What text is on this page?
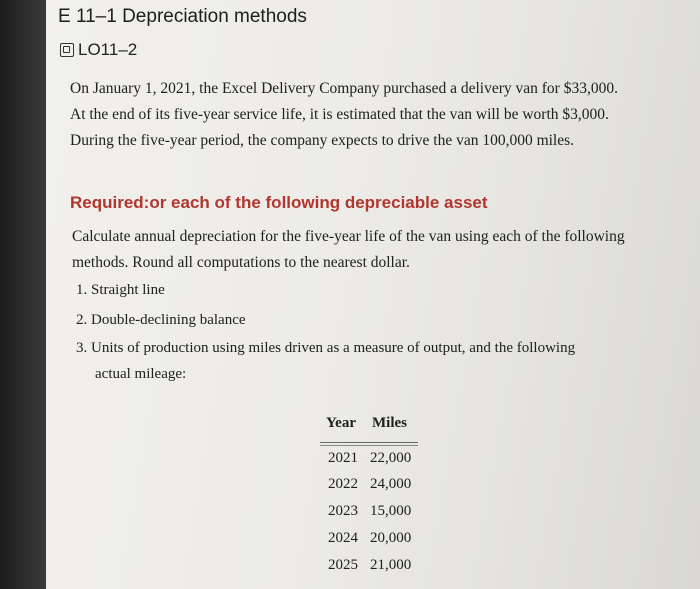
E 11–1 Depreciation methods
LO11–2
On January 1, 2021, the Excel Delivery Company purchased a delivery van for $33,000. At the end of its five-year service life, it is estimated that the van will be worth $3,000. During the five-year period, the company expects to drive the van 100,000 miles.
Required:or each of the following depreciable asset
Calculate annual depreciation for the five-year life of the van using each of the following methods. Round all computations to the nearest dollar.
1. Straight line
2. Double-declining balance
3. Units of production using miles driven as a measure of output, and the following
actual mileage:
Year Miles
2021 22,000
2022 24,000
2023 15,000
2024 20,000
2025 21,000
